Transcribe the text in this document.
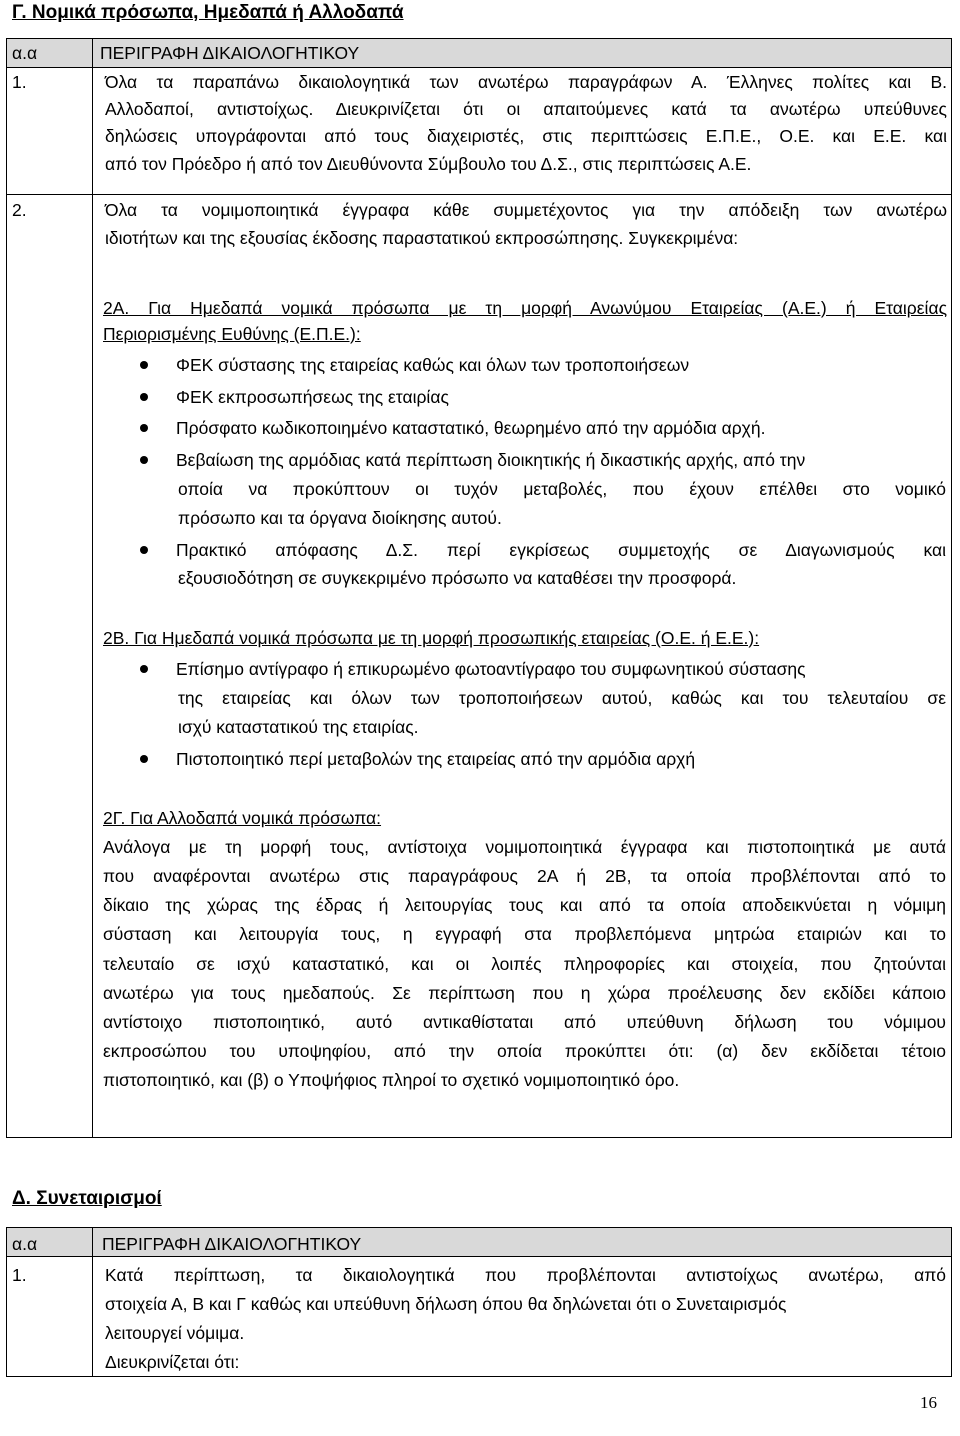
Γ. Νομικά πρόσωπα, Ημεδαπά ή Αλλοδαπά
α.α	ΠΕΡΙΓΡΑΦΗ ΔΙΚΑΙΟΛΟΓΗΤΙΚΟΥ
1.	Όλα τα παραπάνω δικαιολογητικά των ανωτέρω παραγράφων Α. Έλληνες πολίτες και Β.
Αλλοδαποί, αντιστοίχως. Διευκρινίζεται ότι οι απαιτούμενες κατά τα ανωτέρω υπεύθυνες
δηλώσεις υπογράφονται από τους διαχειριστές, στις περιπτώσεις Ε.Π.Ε., Ο.Ε. και Ε.Ε. και
από τον Πρόεδρο ή από τον Διευθύνοντα Σύμβουλο του Δ.Σ., στις περιπτώσεις Α.Ε.
2.	Όλα τα νομιμοποιητικά έγγραφα κάθε συμμετέχοντος για την απόδειξη των ανωτέρω
ιδιοτήτων και της εξουσίας έκδοσης παραστατικού εκπροσώπησης. Συγκεκριμένα:
2Α. Για Ημεδαπά νομικά πρόσωπα με τη μορφή Ανωνύμου Εταιρείας (Α.Ε.) ή Εταιρείας
Περιορισμένης Ευθύνης (Ε.Π.Ε.):
ΦΕΚ σύστασης της εταιρείας καθώς και όλων των τροποποιήσεων
ΦΕΚ εκπροσωπήσεως της εταιρίας
Πρόσφατο κωδικοποιημένο καταστατικό, θεωρημένο από την αρμόδια αρχή.
Βεβαίωση της αρμόδιας κατά περίπτωση διοικητικής ή δικαστικής αρχής, από την
οποία να προκύπτουν οι τυχόν μεταβολές, που έχουν επέλθει στο νομικό
πρόσωπο και τα όργανα διοίκησης αυτού.
Πρακτικό απόφασης Δ.Σ. περί εγκρίσεως συμμετοχής σε Διαγωνισμούς και
εξουσιοδότηση σε συγκεκριμένο πρόσωπο να καταθέσει την προσφορά.
2Β. Για Ημεδαπά νομικά πρόσωπα με τη μορφή προσωπικής εταιρείας (Ο.Ε. ή Ε.Ε.):
Επίσημο αντίγραφο ή επικυρωμένο φωτοαντίγραφο του συμφωνητικού σύστασης
της εταιρείας και όλων των τροποποιήσεων αυτού, καθώς και του τελευταίου σε
ισχύ καταστατικού της εταιρίας.
Πιστοποιητικό περί μεταβολών της εταιρείας από την αρμόδια αρχή
2Γ. Για Αλλοδαπά νομικά πρόσωπα:
Ανάλογα με τη μορφή τους, αντίστοιχα νομιμοποιητικά έγγραφα και πιστοποιητικά με αυτά
που αναφέρονται ανωτέρω στις παραγράφους 2Α ή 2Β, τα οποία προβλέπονται από το
δίκαιο της χώρας της έδρας ή λειτουργίας τους και από τα οποία αποδεικνύεται η νόμιμη
σύσταση και λειτουργία τους, η εγγραφή στα προβλεπόμενα μητρώα εταιριών και το
τελευταίο σε ισχύ καταστατικό, και οι λοιπές πληροφορίες και στοιχεία, που ζητούνται
ανωτέρω για τους ημεδαπούς. Σε περίπτωση που η χώρα προέλευσης δεν εκδίδει κάποιο
αντίστοιχο πιστοποιητικό, αυτό αντικαθίσταται από υπεύθυνη δήλωση του νόμιμου
εκπροσώπου του υποψηφίου, από την οποία προκύπτει ότι: (α) δεν εκδίδεται τέτοιο
πιστοποιητικό, και (β) ο Υποψήφιος πληροί το σχετικό νομιμοποιητικό όρο.
Δ. Συνεταιρισμοί
α.α	ΠΕΡΙΓΡΑΦΗ ΔΙΚΑΙΟΛΟΓΗΤΙΚΟΥ
1.	Κατά περίπτωση, τα δικαιολογητικά που προβλέπονται αντιστοίχως ανωτέρω, από
στοιχεία Α, Β και Γ καθώς και υπεύθυνη δήλωση όπου θα δηλώνεται ότι ο Συνεταιρισμός
λειτουργεί νόμιμα.
Διευκρινίζεται ότι:
16
